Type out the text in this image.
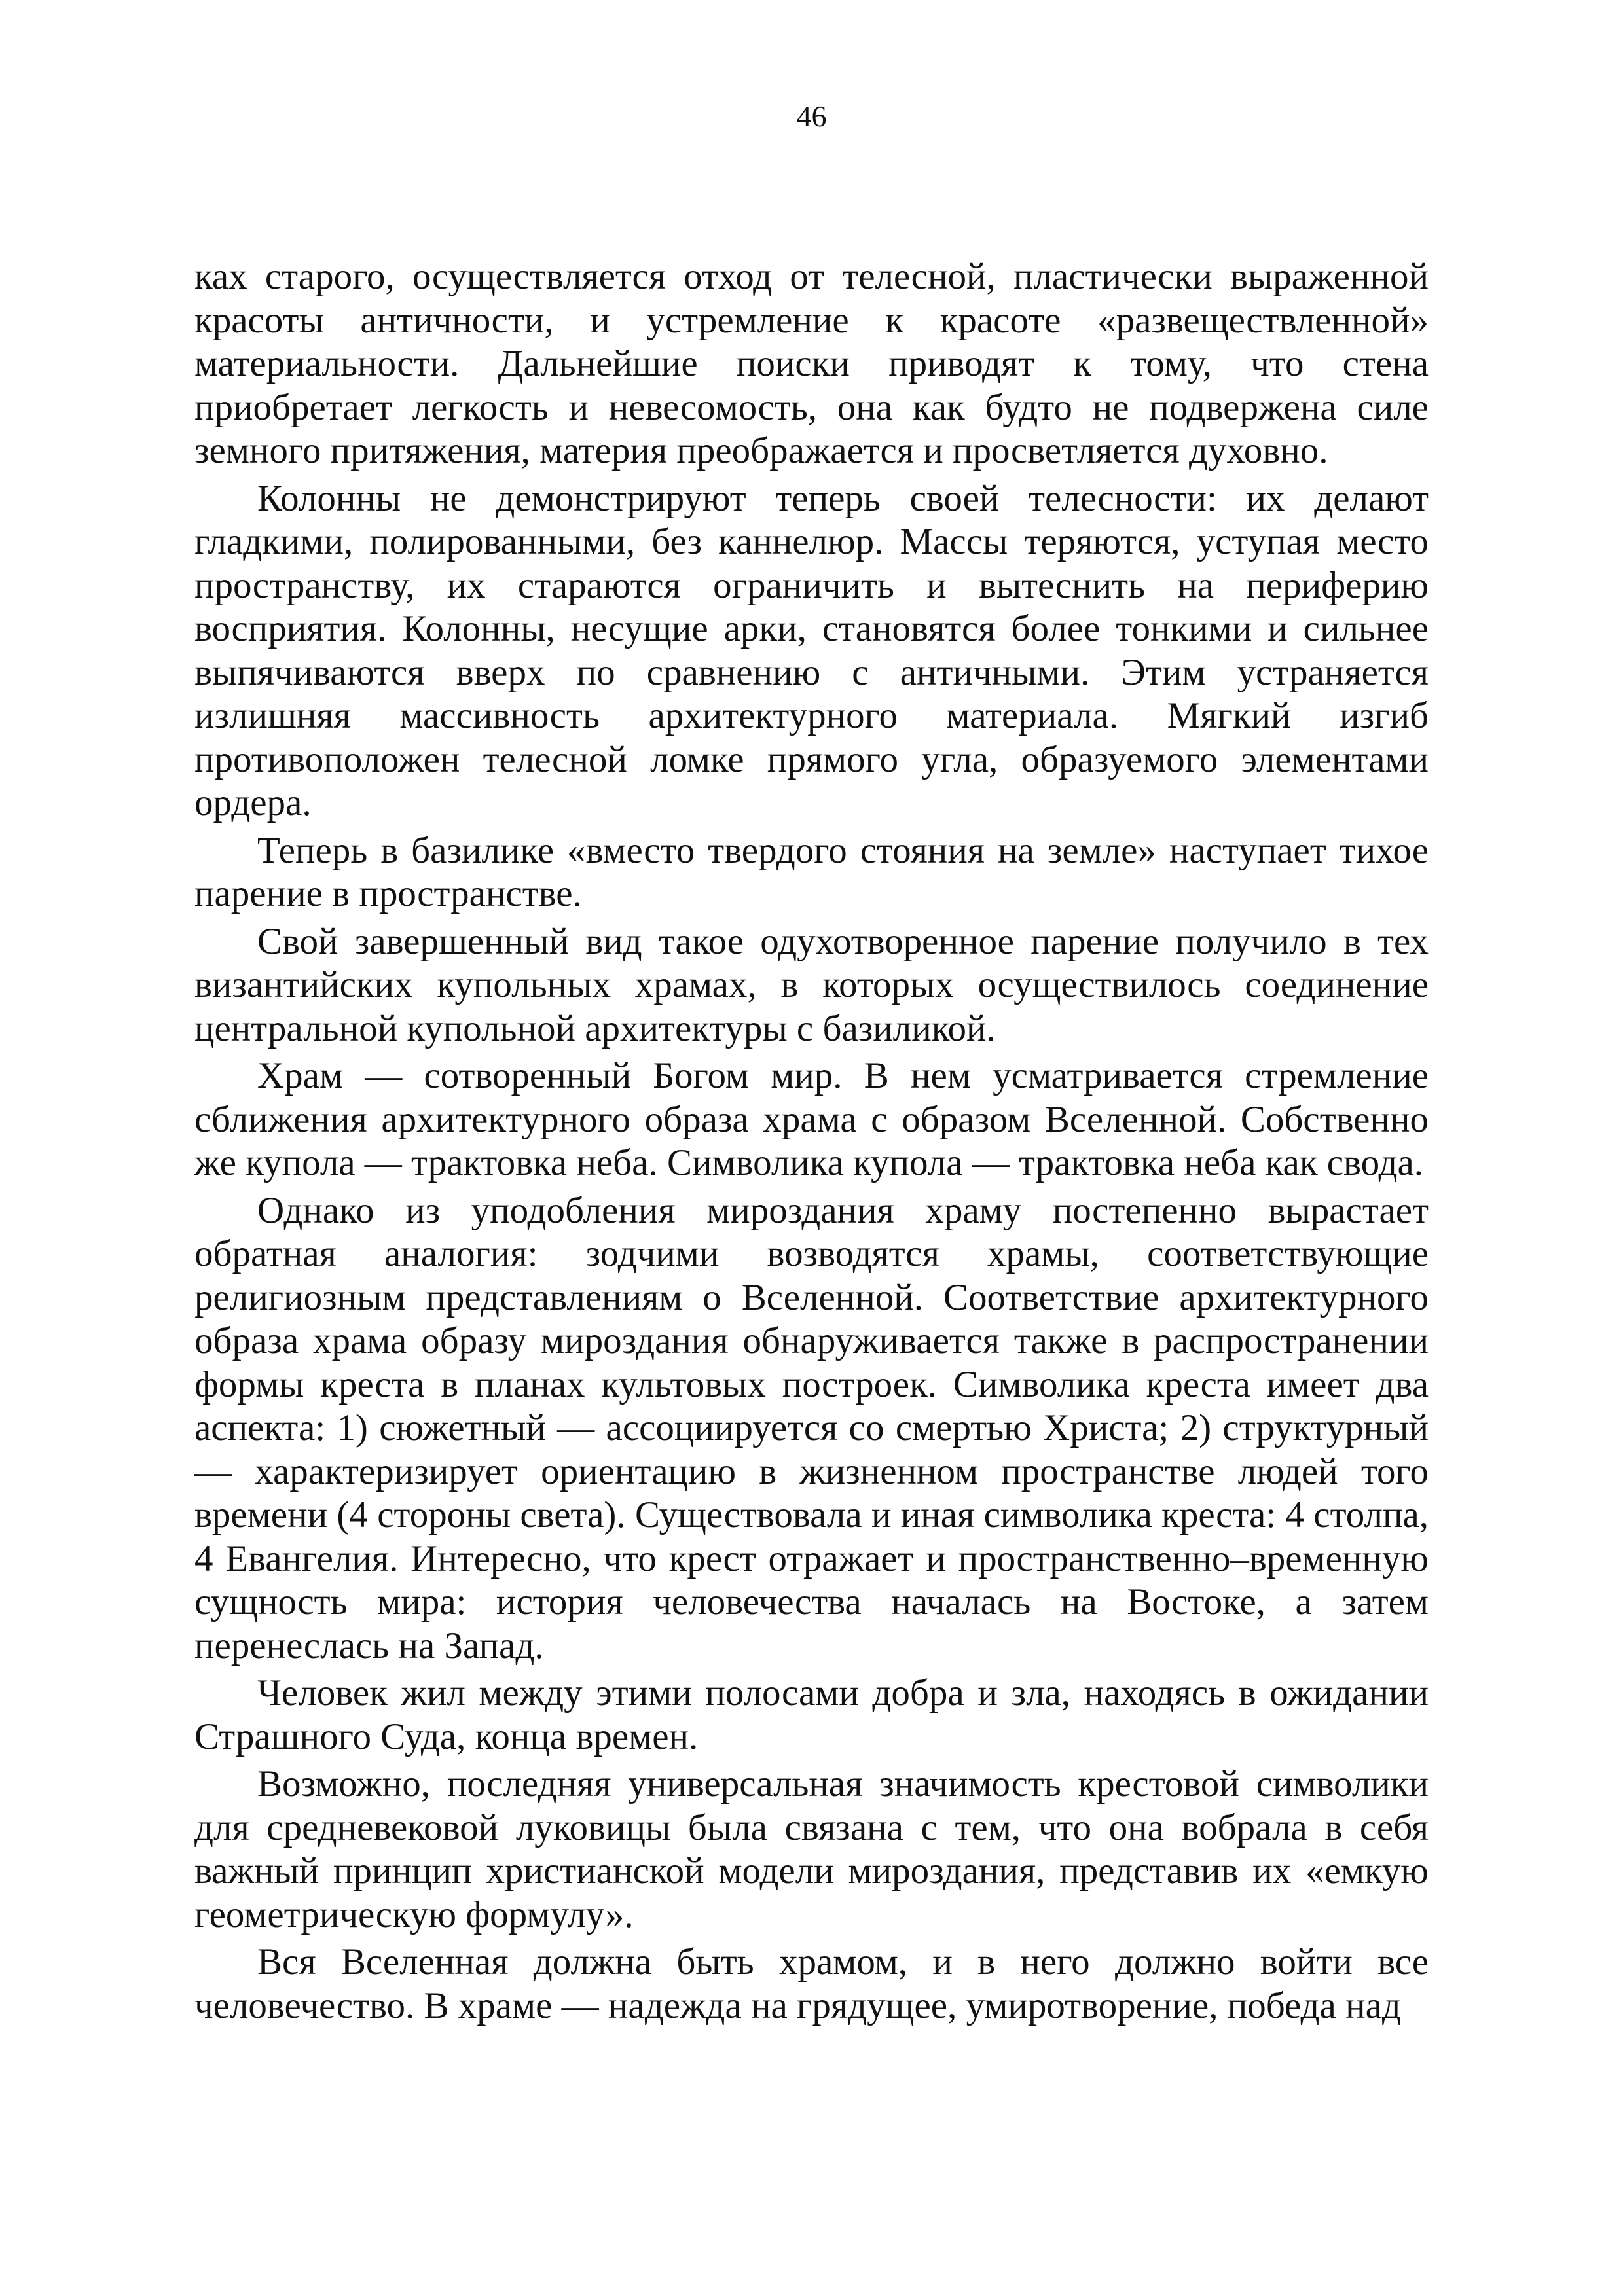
46

ках старого, осуществляется отход от телесной, пластически выраженной красоты античности, и устремление к красоте «развеществленной» материальности. Дальнейшие поиски приводят к тому, что стена приобретает легкость и невесомость, она как будто не подвержена силе земного притяжения, материя преображается и просветляется духовно.

Колонны не демонстрируют теперь своей телесности: их делают гладкими, полированными, без каннелюр. Массы теряются, уступая место пространству, их стараются ограничить и вытеснить на периферию восприятия. Колонны, несущие арки, становятся более тонкими и сильнее выпячиваются вверх по сравнению с античными. Этим устраняется излишняя массивность архитектурного материала. Мягкий изгиб противоположен телесной ломке прямого угла, образуемого элементами ордера.

Теперь в базилике «вместо твердого стояния на земле» наступает тихое парение в пространстве.

Свой завершенный вид такое одухотворенное парение получило в тех византийских купольных храмах, в которых осуществилось соединение центральной купольной архитектуры с базиликой.

Храм — сотворенный Богом мир. В нем усматривается стремление сближения архитектурного образа храма с образом Вселенной. Собственно же купола — трактовка неба. Символика купола — трактовка неба как свода.

Однако из уподобления мироздания храму постепенно вырастает обратная аналогия: зодчими возводятся храмы, соответствующие религиозным представлениям о Вселенной. Соответствие архитектурного образа храма образу мироздания обнаруживается также в распространении формы креста в планах культовых построек. Символика креста имеет два аспекта: 1) сюжетный — ассоциируется со смертью Христа; 2) структурный — характеризирует ориентацию в жизненном пространстве людей того времени (4 стороны света). Существовала и иная символика креста: 4 столпа, 4 Евангелия. Интересно, что крест отражает и пространственно–временную сущность мира: история человечества началась на Востоке, а затем перенеслась на Запад.

Человек жил между этими полосами добра и зла, находясь в ожидании Страшного Суда, конца времен.

Возможно, последняя универсальная значимость крестовой символики для средневековой луковицы была связана с тем, что она вобрала в себя важный принцип христианской модели мироздания, представив их «емкую геометрическую формулу».

Вся Вселенная должна быть храмом, и в него должно войти все человечество. В храме — надежда на грядущее, умиротворение, победа над
